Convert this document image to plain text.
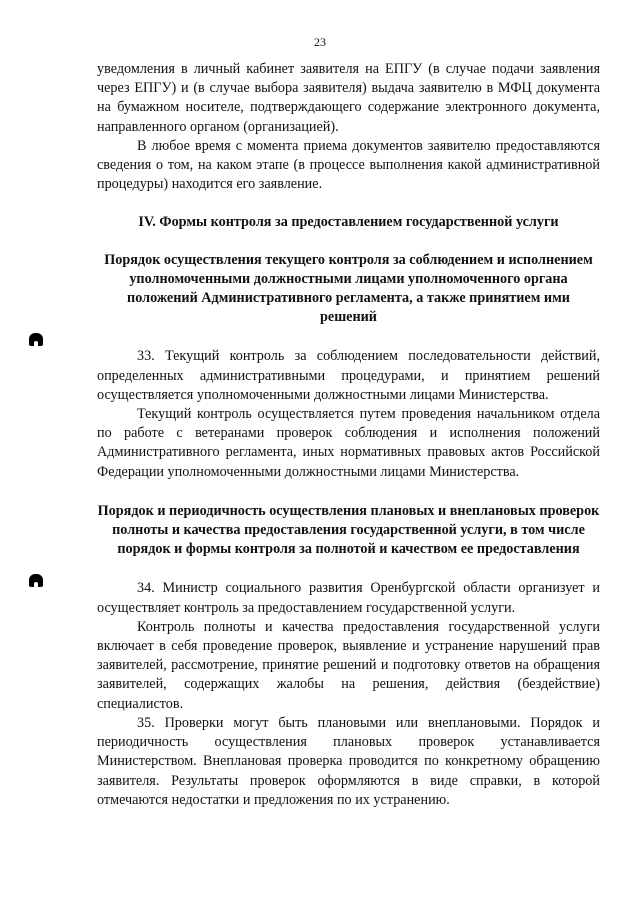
23

уведомления в личный кабинет заявителя на ЕПГУ (в случае подачи заявления через ЕПГУ) и (в случае выбора заявителя) выдача заявителю в МФЦ документа на бумажном носителе, подтверждающего содержание электронного документа, направленного органом (организацией).

В любое время с момента приема документов заявителю предоставляются сведения о том, на каком этапе (в процессе выполнения какой административной процедуры) находится его заявление.

IV. Формы контроля за предоставлением государственной услуги

Порядок осуществления текущего контроля за соблюдением и исполнением уполномоченными должностными лицами уполномоченного органа положений Административного регламента, а также принятием ими решений

33. Текущий контроль за соблюдением последовательности действий, определенных административными процедурами, и принятием решений осуществляется уполномоченными должностными лицами Министерства.

Текущий контроль осуществляется путем проведения начальником отдела по работе с ветеранами проверок соблюдения и исполнения положений Административного регламента, иных нормативных правовых актов Российской Федерации уполномоченными должностными лицами Министерства.

Порядок и периодичность осуществления плановых и внеплановых проверок полноты и качества предоставления государственной услуги, в том числе порядок и формы контроля за полнотой и качеством ее предоставления

34. Министр социального развития Оренбургской области организует и осуществляет контроль за предоставлением государственной услуги.

Контроль полноты и качества предоставления государственной услуги включает в себя проведение проверок, выявление и устранение нарушений прав заявителей, рассмотрение, принятие решений и подготовку ответов на обращения заявителей, содержащих жалобы на решения, действия (бездействие) специалистов.

35. Проверки могут быть плановыми или внеплановыми. Порядок и периодичность осуществления плановых проверок устанавливается Министерством. Внеплановая проверка проводится по конкретному обращению заявителя. Результаты проверок оформляются в виде справки, в которой отмечаются недостатки и предложения по их устранению.
